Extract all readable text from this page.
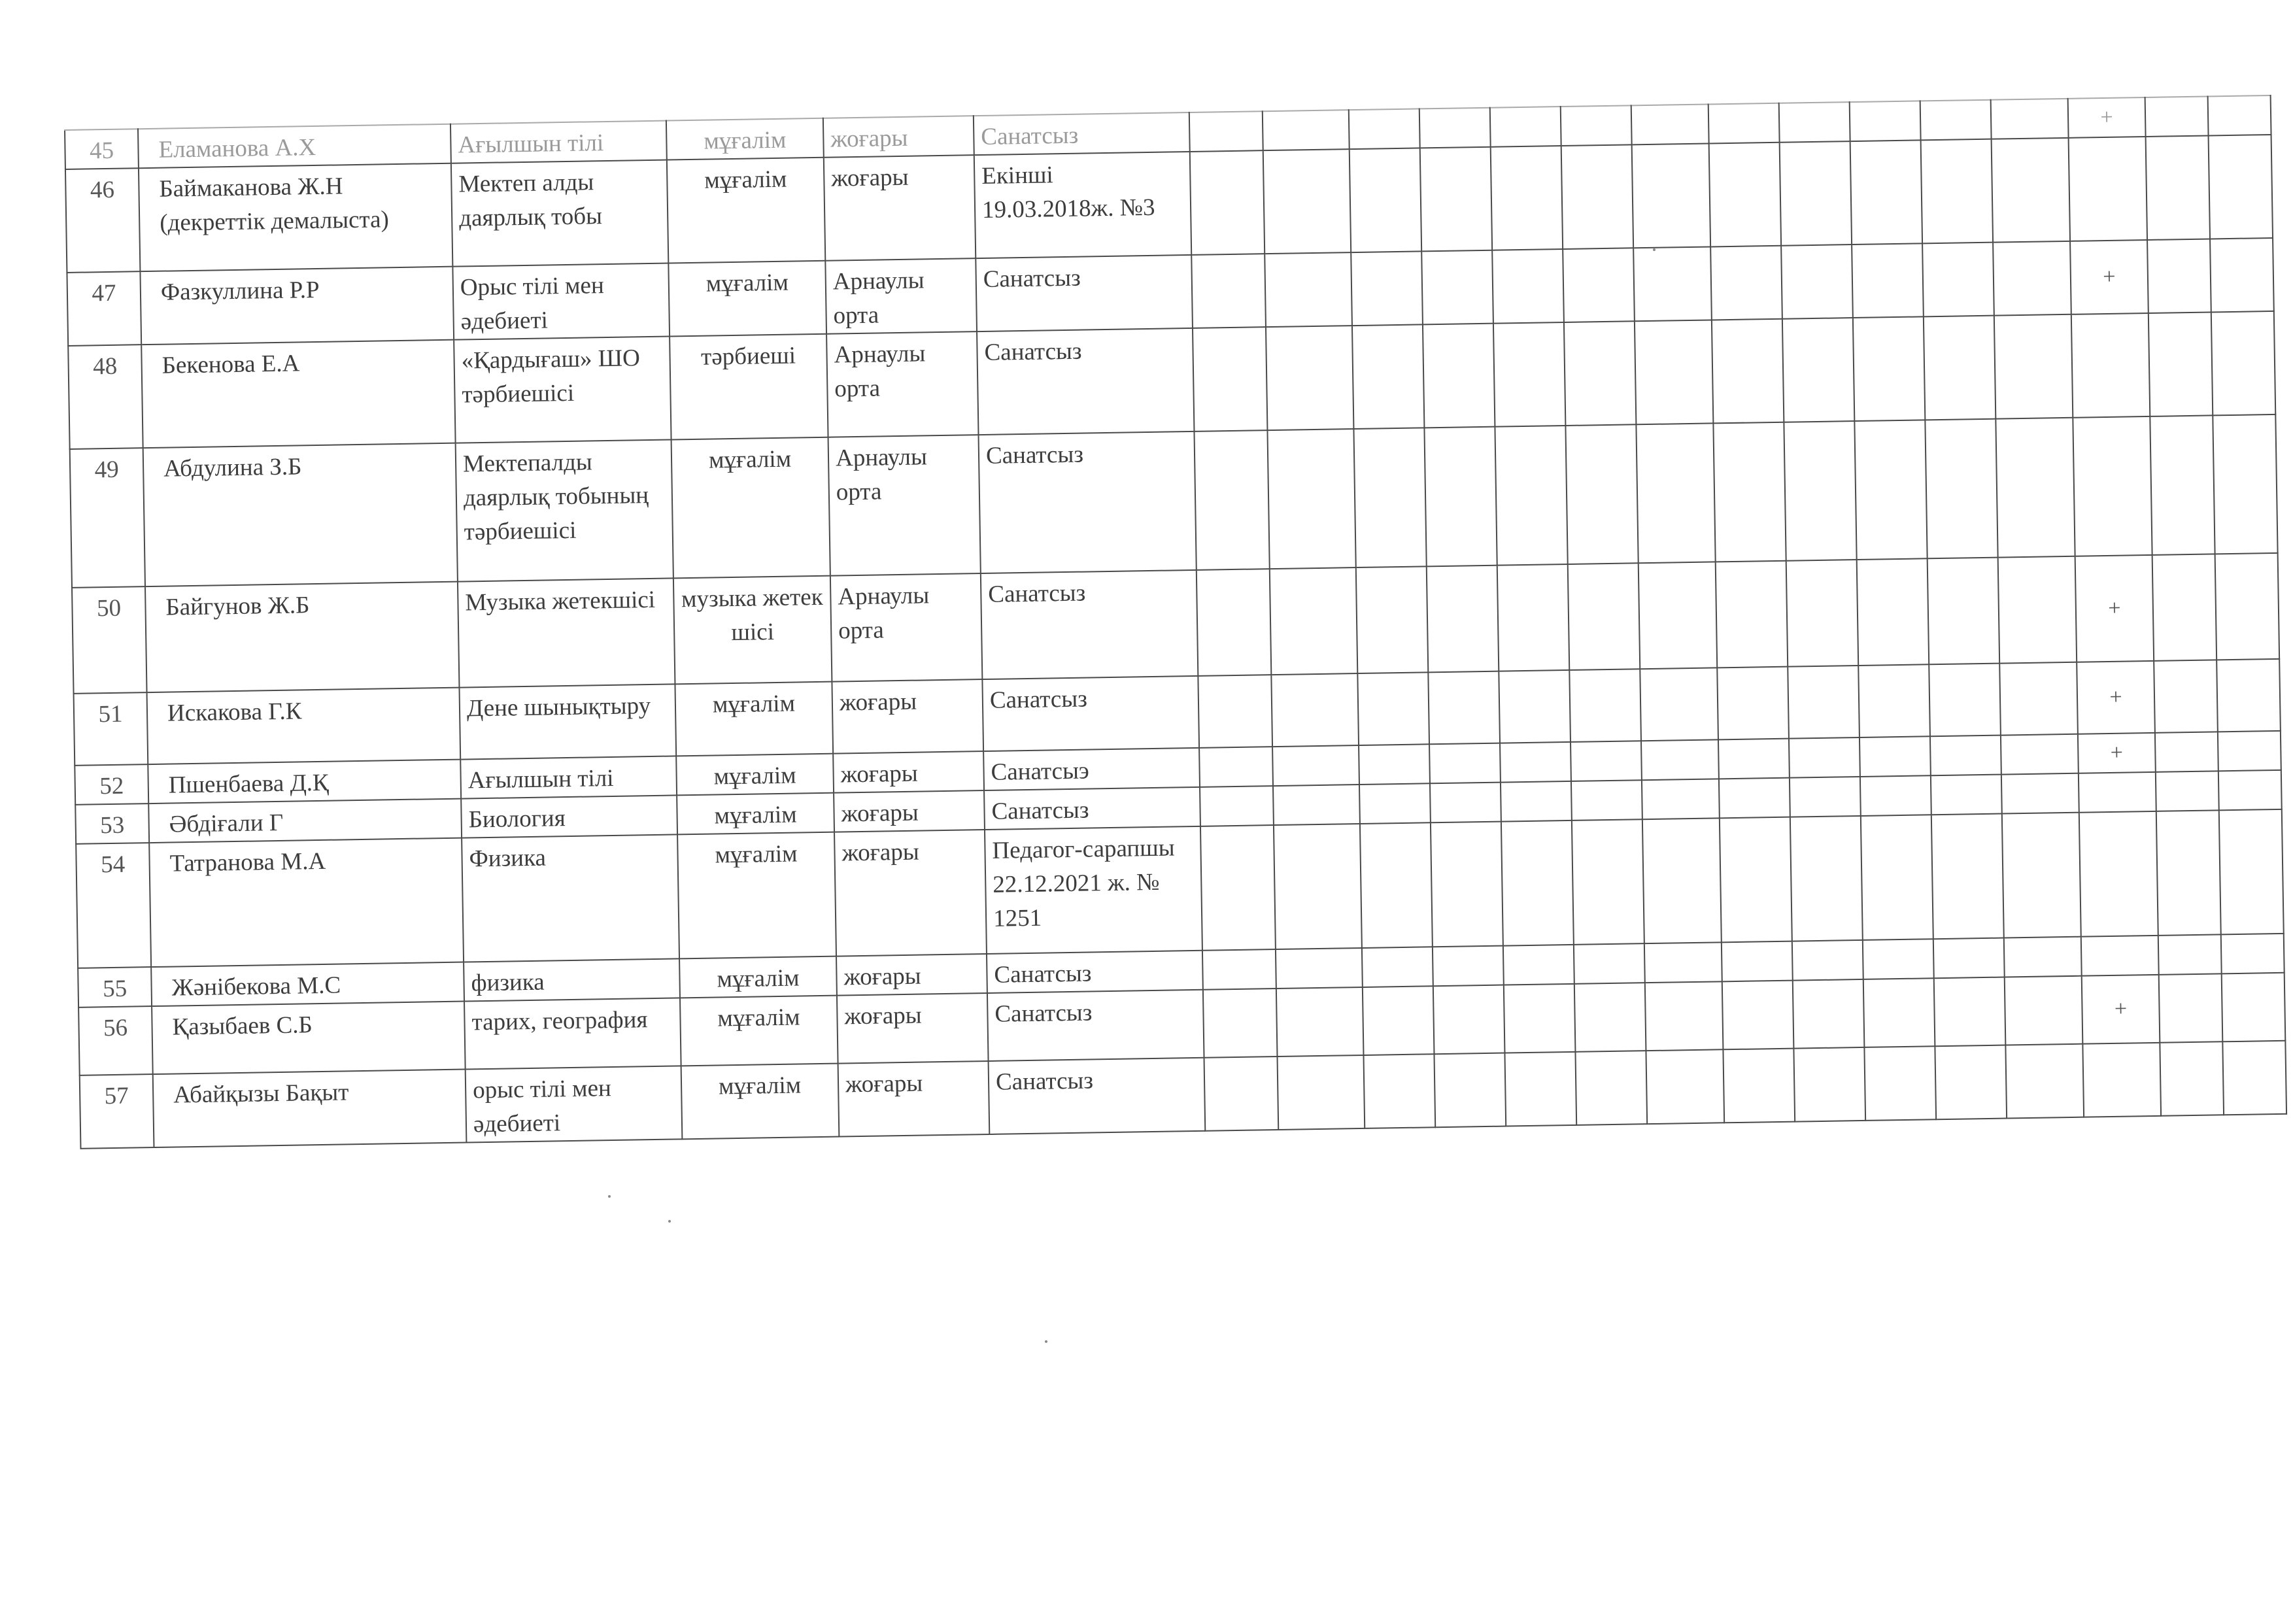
45	Еламанова А.Х	Ағылшын тілі	мұғалім	жоғары	Санатсыз													+		
46	Баймаканова Ж.Н (декреттік демалыста)	Мектеп алды даярлық тобы	мұғалім	жоғары	Екінші 19.03.2018ж. №3															
47	Фазкуллина Р.Р	Орыс тілі мен әдебиеті	мұғалім	Арнаулы орта	Санатсыз													+		
48	Бекенова Е.А	«Қардығаш» ШО тәрбиешісі	тәрбиеші	Арнаулы орта	Санатсыз															
49	Абдулина З.Б	Мектепалды даярлық тобының тәрбиешісі	мұғалім	Арнаулы орта	Санатсыз															
50	Байгунов Ж.Б	Музыка жетекшісі	музыка жетек шісі	Арнаулы орта	Санатсыз													+		
51	Искакова Г.К	Дене шынықтыру	мұғалім	жоғары	Санатсыз													+		
52	Пшенбаева Д.Қ	Ағылшын тілі	мұғалім	жоғары	Санатсыэ													+		
53	Әбдіғали Г	Биология	мұғалім	жоғары	Санатсыз															
54	Татранова М.А	Физика	мұғалім	жоғары	Педагог-сарапшы 22.12.2021 ж. № 1251															
55	Жәнібекова М.С	физика	мұғалім	жоғары	Санатсыз															
56	Қазыбаев С.Б	тарих, география	мұғалім	жоғары	Санатсыз													+		
57	Абайқызы Бақыт	орыс тілі мен әдебиеті	мұғалім	жоғары	Санатсыз															
